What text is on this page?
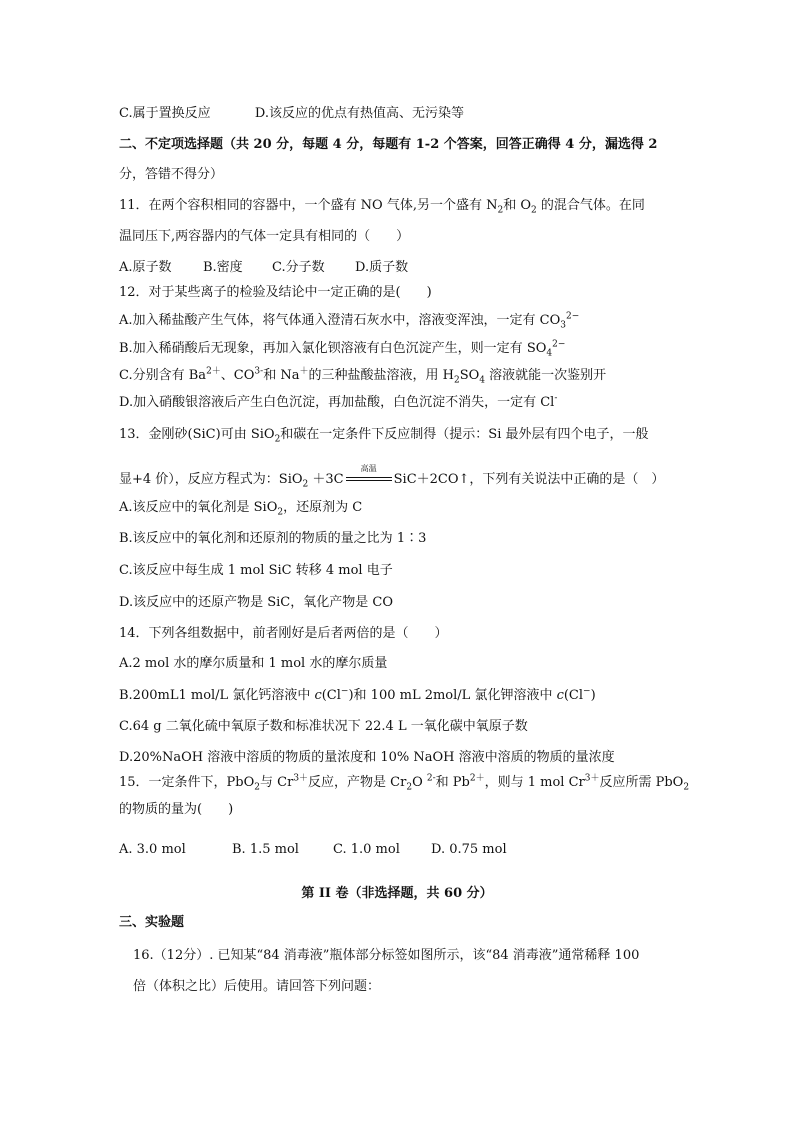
C.属于置换反应	D.该反应的优点有热值高、无污染等
二、不定项选择题（共 20 分，每题 4 分，每题有 1-2 个答案，回答正确得 4 分，漏选得 2
分，答错不得分）
11．在两个容积相同的容器中，一个盛有 NO 气体,另一个盛有 $N_2$和 $O_2$ 的混合气体。在同
温同压下,两容器内的气体一定具有相同的（　　）
A.原子数 B.密度 C.分子数 D.质子数
12．对于某些离子的检验及结论中一定正确的是(　　)
A.加入稀盐酸产生气体，将气体通入澄清石灰水中，溶液变浑浊，一定有 $CO_3^{2-}$
B.加入稀硝酸后无现象，再加入氯化钡溶液有白色沉淀产生，则一定有 $SO_4^{2-}$
C.分别含有 $Ba^{2+}$、$CO^{3-}$和 Na＋的三种盐酸盐溶液，用 $H_2SO_4$ 溶液就能一次鉴别开
D.加入硝酸银溶液后产生白色沉淀，再加盐酸，白色沉淀不消失，一定有 Cl-
13．金刚砂(SiC)可由 SiO$_2$和碳在一定条件下反应制得（提示：Si 最外层有四个电子，一般
显+4 价），反应方程式为：SiO$_2$ ＋3C
高温
SiC＋2CO↑，下列有关说法中正确的是（　）
A.该反应中的氧化剂是 SiO$_2$，还原剂为 C
B.该反应中的氧化剂和还原剂的物质的量之比为 1∶3
C.该反应中每生成 1 mol SiC 转移 4 mol 电子
D.该反应中的还原产物是 SiC，氧化产物是 CO
14．下列各组数据中，前者刚好是后者两倍的是（　　）
A.2 mol 水的摩尔质量和 1 mol 水的摩尔质量
B.200mL1 mol/L 氯化钙溶液中 c(Cl−)和 100 mL 2mol/L 氯化钾溶液中 c(Cl−)
C.64 g 二氧化硫中氧原子数和标准状况下 22.4 L 一氧化碳中氧原子数
D.20%NaOH 溶液中溶质的物质的量浓度和 10% NaOH 溶液中溶质的物质的量浓度
15．一定条件下，PbO$_2$与 $Cr^{3+}$反应，产物是 $Cr_2O$ $^{2-}$和 $Pb^{2+}$，则与 1 mol $Cr^{3+}$反应所需 PbO$_2$
的物质的量为(　　)
A. 3.0 mol	B. 1.5 mol	C. 1.0 mol D. 0.75 mol
第 II 卷（非选择题，共 60 分）
三、实验题
16.（12分）. 已知某“84 消毒液”瓶体部分标签如图所示，该“84 消毒液”通常稀释 100
倍（体积之比）后使用。请回答下列问题：
